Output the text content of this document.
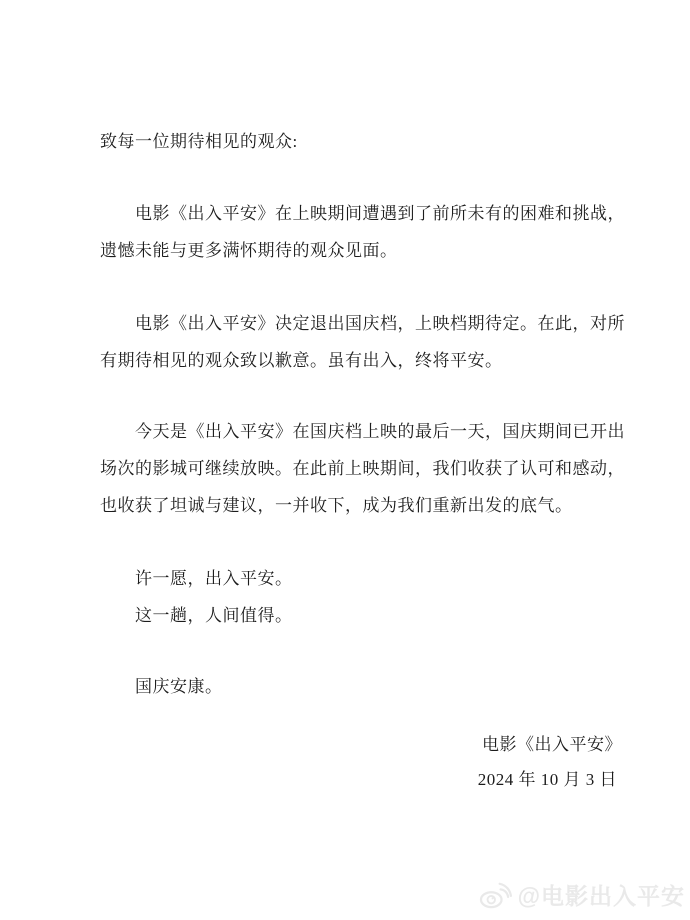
致每一位期待相见的观众:
电影《出入平安》在上映期间遭遇到了前所未有的困难和挑战，
遗憾未能与更多满怀期待的观众见面。
电影《出入平安》决定退出国庆档，上映档期待定。在此，对所
有期待相见的观众致以歉意。虽有出入，终将平安。
今天是《出入平安》在国庆档上映的最后一天，国庆期间已开出
场次的影城可继续放映。在此前上映期间，我们收获了认可和感动，
也收获了坦诚与建议，一并收下，成为我们重新出发的底气。
许一愿，出入平安。
这一趟，人间值得。
国庆安康。
电影《出入平安》
2024 年 10 月 3 日
@电影出入平安
